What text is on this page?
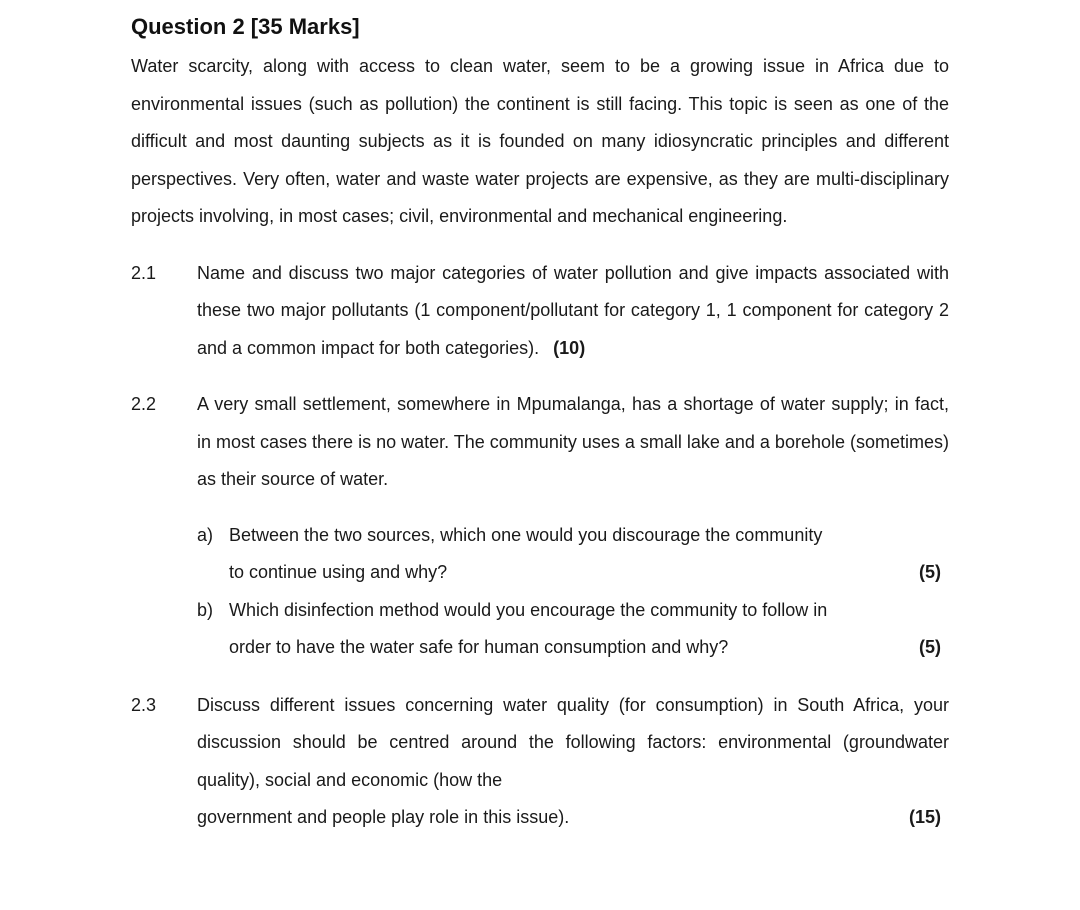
Question 2 [35 Marks]

Water scarcity, along with access to clean water, seem to be a growing issue in Africa due to environmental issues (such as pollution) the continent is still facing. This topic is seen as one of the difficult and most daunting subjects as it is founded on many idiosyncratic principles and different perspectives. Very often, water and waste water projects are expensive, as they are multi-disciplinary projects involving, in most cases; civil, environmental and mechanical engineering.

2.1	Name and discuss two major categories of water pollution and give impacts associated with these two major pollutants (1 component/pollutant for category 1, 1 component for category 2 and a common impact for both categories). (10)
2.2	A very small settlement, somewhere in Mpumalanga, has a shortage of water supply; in fact, in most cases there is no water. The community uses a small lake and a borehole (sometimes) as their source of water.
a) Between the two sources, which one would you discourage the community
to continue using and why?	(5)
b) Which disinfection method would you encourage the community to follow in
order to have the water safe for human consumption and why?	(5)
2.3	Discuss different issues concerning water quality (for consumption) in South Africa, your discussion should be centred around the following factors: environmental (groundwater quality), social and economic (how the
government and people play role in this issue).	(15)
